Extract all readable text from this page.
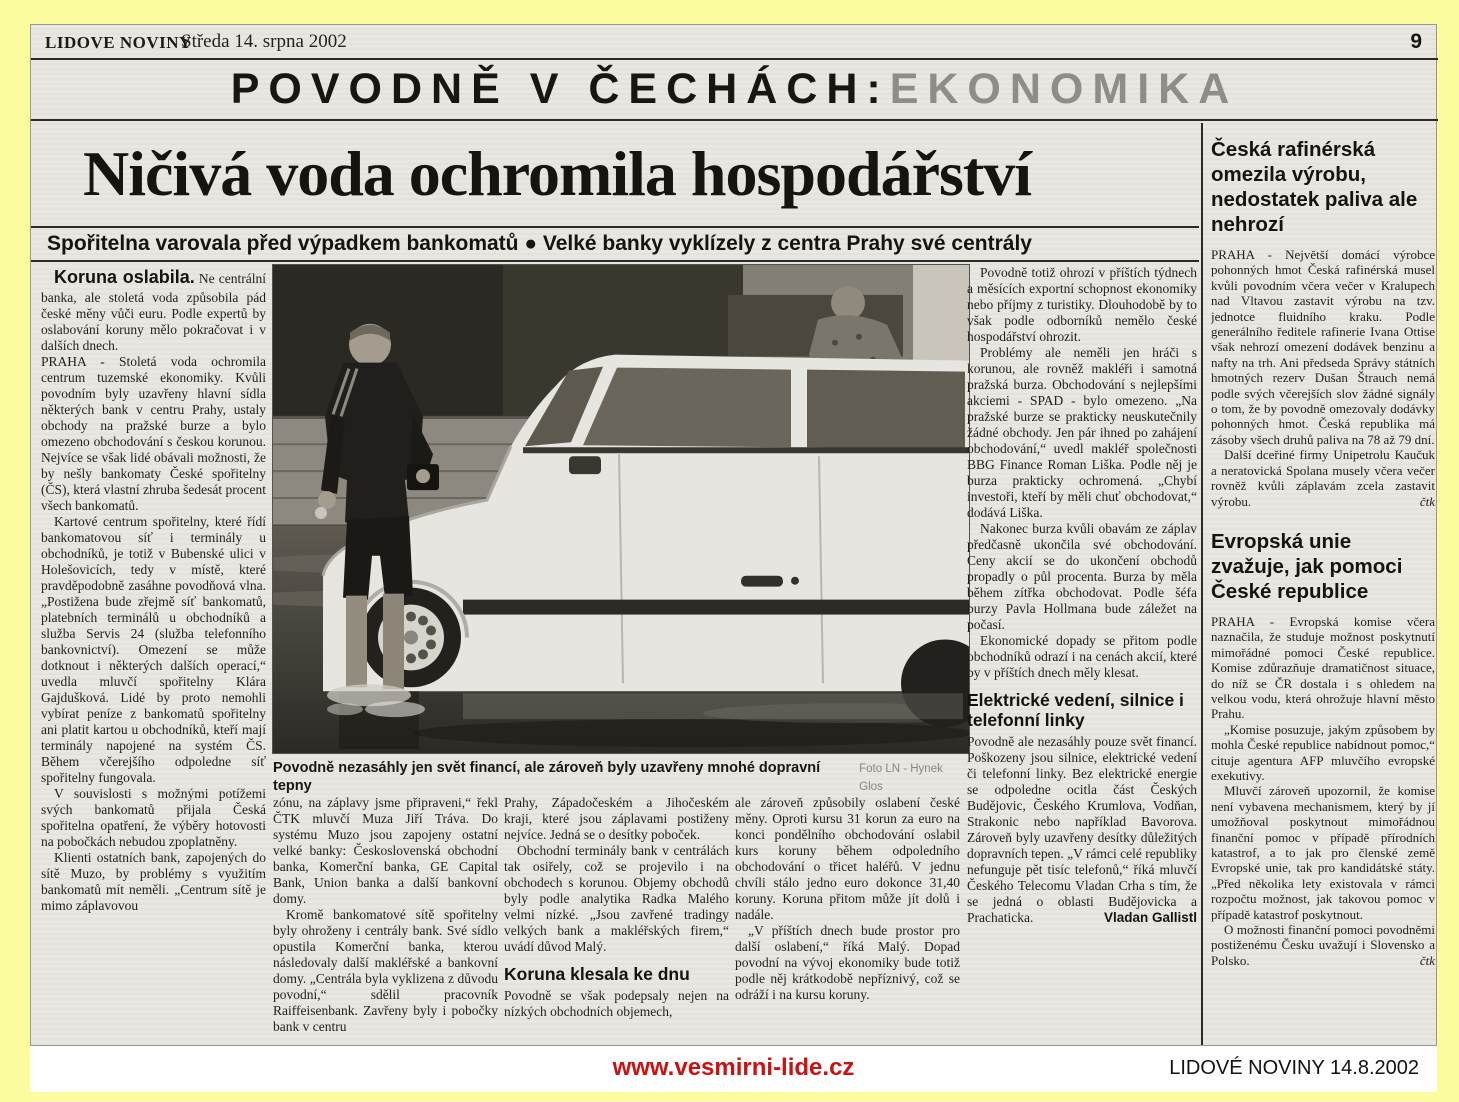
LIDOVE NOVINY
Středa 14. srpna 2002	9
POVODNĚ V ČECHÁCH:EKONOMIKA
Ničivá voda ochromila hospodářství
Spořitelna varovala před výpadkem bankomatů ● Velké banky vyklízely z centra Prahy své centrály

Koruna oslabila. Ne centrální banka, ale stoletá voda způsobila pád české měny vůči euru. Podle expertů by oslabování koruny mělo pokračovat i v dalších dnech.

PRAHA - Stoletá voda ochromila centrum tuzemské ekonomiky. Kvůli povodním byly uzavřeny hlavní sídla některých bank v centru Prahy, ustaly obchody na pražské burze a bylo omezeno obchodování s českou korunou. Nejvíce se však lidé obávali možnosti, že by nešly bankomaty České spořitelny (ČS), která vlastní zhruba šedesát procent všech bankomatů.

Kartové centrum spořitelny, které řídí bankomatovou síť i terminály u obchodníků, je totiž v Bubenské ulici v Holešovicích, tedy v místě, které pravděpodobně zasáhne povodňová vlna. „Postižena bude zřejmě síť bankomatů, platebních terminálů u obchodníků a služba Servis 24 (služba telefonního bankovnictví). Omezení se může dotknout i některých dalších operací,“ uvedla mluvčí spořitelny Klára Gajdušková. Lidé by proto nemohli vybírat peníze z bankomatů spořitelny ani platit kartou u obchodníků, kteří mají terminály napojené na systém ČS. Během včerejšího odpoledne síť spořitelny fungovala.

V souvislosti s možnými potížemi svých bankomatů přijala Česká spořitelna opatření, že výběry hotovosti na pobočkách nebudou zpoplatněny.

Klienti ostatních bank, zapojených do sítě Muzo, by problémy s využitím bankomatů mít neměli. „Centrum sítě je mimo záplavovou

Povodně nezasáhly jen svět financí, ale zároveň byly uzavřeny mnohé dopravní tepny
Foto LN - Hynek Glos

zónu, na záplavy jsme připraveni,“ řekl ČTK mluvčí Muza Jiří Tráva. Do systému Muzo jsou zapojeny ostatní velké banky: Československá obchodní banka, Komerční banka, GE Capital Bank, Union banka a další bankovní domy.

Kromě bankomatové sítě spořitelny byly ohroženy i centrály bank. Své sídlo opustila Komerční banka, kterou následovaly další makléřské a bankovní domy. „Centrála byla vyklizena z důvodu povodní,“ sdělil pracovník Raiffeisenbank. Zavřeny byly i pobočky bank v centru

Prahy, Západočeském a Jihočeském kraji, které jsou záplavami postiženy nejvíce. Jedná se o desítky poboček.

Obchodní terminály bank v centrálách tak osiřely, což se projevilo i na obchodech s korunou. Objemy obchodů byly podle analytika Radka Malého velmi nízké. „Jsou zavřené tradingy velkých bank a makléřských firem,“ uvádí důvod Malý.

Koruna klesala ke dnu

Povodně se však podepsaly nejen na nízkých obchodních objemech,

ale zároveň způsobily oslabení české měny. Oproti kursu 31 korun za euro na konci pondělního obchodování oslabil kurs koruny během odpoledního obchodování o třicet haléřů. V jednu chvíli stálo jedno euro dokonce 31,40 koruny. Koruna přitom může jít dolů i nadále.

„V příštích dnech bude prostor pro další oslabení,“ říká Malý. Dopad povodní na vývoj ekonomiky bude totiž podle něj krátkodobě nepříznivý, což se odráží i na kursu koruny.

Povodně totiž ohrozí v příštích týdnech a měsících exportní schopnost ekonomiky nebo příjmy z turistiky. Dlouhodobě by to však podle odborníků nemělo české hospodářství ohrozit.

Problémy ale neměli jen hráči s korunou, ale rovněž makléři i samotná pražská burza. Obchodování s nejlepšími akciemi - SPAD - bylo omezeno. „Na pražské burze se prakticky neuskutečnily žádné obchody. Jen pár ihned po zahájení obchodování,“ uvedl makléř společnosti BBG Finance Roman Liška. Podle něj je burza prakticky ochromená. „Chybí investoři, kteří by měli chuť obchodovat,“ dodává Liška.

Nakonec burza kvůli obavám ze záplav předčasně ukončila své obchodování. Ceny akcií se do ukončení obchodů propadly o půl procenta. Burza by měla během zítřka obchodovat. Podle šéfa burzy Pavla Hollmana bude záležet na počasí.

Ekonomické dopady se přitom podle obchodníků odrazí i na cenách akcií, které by v příštích dnech měly klesat.

Elektrické vedení, silnice i telefonní linky

Povodně ale nezasáhly pouze svět financí. Poškozeny jsou silnice, elektrické vedení či telefonní linky. Bez elektrické energie se odpoledne ocitla část Českých Budějovic, Českého Krumlova, Vodňan, Strakonic nebo například Bavorova. Zároveň byly uzavřeny desítky důležitých dopravních tepen. „V rámci celé republiky nefunguje pět tisíc telefonů,“ říká mluvčí Českého Telecomu Vladan Crha s tím, že se jedná o oblasti Budějovicka a Prachaticka.	Vladan Gallistl
Česká rafinérská omezila výrobu, nedostatek paliva ale nehrozí

PRAHA - Největší domácí výrobce pohonných hmot Česká rafinérská musel kvůli povodním včera večer v Kralupech nad Vltavou zastavit výrobu na tzv. jednotce fluidního kraku. Podle generálního ředitele rafinerie Ivana Ottise však nehrozí omezení dodávek benzinu a nafty na trh. Ani předseda Správy státních hmotných rezerv Dušan Štrauch nemá podle svých včerejších slov žádné signály o tom, že by povodně omezovaly dodávky pohonných hmot. Česká republika má zásoby všech druhů paliva na 78 až 79 dní.

Další dceřiné firmy Unipetrolu Kaučuk a neratovická Spolana musely včera večer rovněž kvůli záplavám zcela zastavit výrobu.	čtk
Evropská unie zvažuje, jak pomoci České republice

PRAHA - Evropská komise včera naznačila, že studuje možnost poskytnutí mimořádné pomoci České republice. Komise zdůrazňuje dramatičnost situace, do níž se ČR dostala i s ohledem na velkou vodu, která ohrožuje hlavní město Prahu.

„Komise posuzuje, jakým způsobem by mohla České republice nabídnout pomoc,“ cituje agentura AFP mluvčího evropské exekutivy.

Mluvčí zároveň upozornil, že komise není vybavena mechanismem, který by jí umožňoval poskytnout mimořádnou finanční pomoc v případě přírodních katastrof, a to jak pro členské země Evropské unie, tak pro kandidátské státy. „Před několika lety existovala v rámci rozpočtu možnost, jak takovou pomoc v případě katastrof poskytnout.

O možnosti finanční pomoci povodněmi postiženému Česku uvažují i Slovensko a Polsko.	čtk
www.vesmirni-lide.cz	LIDOVÉ NOVINY 14.8.2002
